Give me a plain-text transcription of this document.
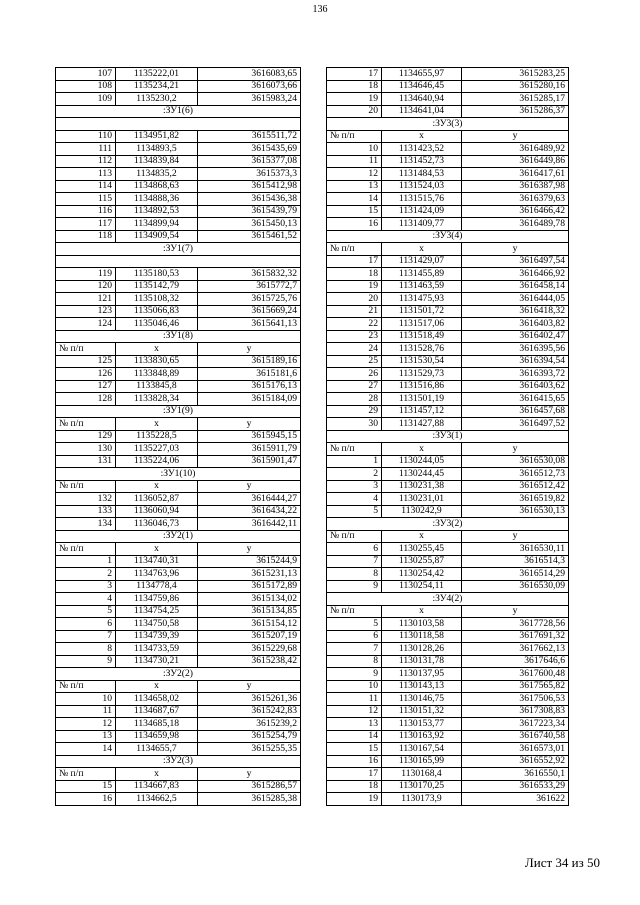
136
107	1135222,01	3616083,65
108	1135234,21	3616073,66
109	1135230,2	3615983,24
:ЗУ1(6)		

110	1134951,82	3615511,72
111	1134893,5	3615435,69
112	1134839,84	3615377,08
113	1134835,2	3615373,3
114	1134868,63	3615412,98
115	1134888,36	3615436,38
116	1134892,53	3615439,79
117	1134899,94	3615450,13
118	1134909,54	3615461,52
:ЗУ1(7)		

119	1135180,53	3615832,32
120	1135142,79	3615772,7
121	1135108,32	3615725,76
123	1135066,83	3615669,24
124	1135046,46	3615641,13
:ЗУ1(8)		
№ п/п	x	y
125	1133830,65	3615189,16
126	1133848,89	3615181,6
127	1133845,8	3615176,13
128	1133828,34	3615184,09
:ЗУ1(9)		
№ п/п	x	y
129	1135228,5	3615945,15
130	1135227,03	3615911,79
131	1135224,06	3615901,47
:ЗУ1(10)		
№ п/п	x	y
132	1136052,87	3616444,27
133	1136060,94	3616434,22
134	1136046,73	3616442,11
:ЗУ2(1)		
№ п/п	x	y
1	1134740,31	3615244,9
2	1134763,96	3615231,13
3	1134778,4	3615172,89
4	1134759,86	3615134,02
5	1134754,25	3615134,85
6	1134750,58	3615154,12
7	1134739,39	3615207,19
8	1134733,59	3615229,68
9	1134730,21	3615238,42
:ЗУ2(2)		
№ п/п	x	y
10	1134658,02	3615261,36
11	1134687,67	3615242,83
12	1134685,18	3615239,2
13	1134659,98	3615254,79
14	1134655,7	3615255,35
:ЗУ2(3)		
№ п/п	x	y
15	1134667,83	3615286,57
16	1134662,5	3615285,38
17	1134655,97	3615283,25
18	1134646,45	3615280,16
19	1134640,94	3615285,17
20	1134641,04	3615286,37
:ЗУ3(3)		
№ п/п	x	y
10	1131423,52	3616489,92
11	1131452,73	3616449,86
12	1131484,53	3616417,61
13	1131524,03	3616387,98
14	1131515,76	3616379,63
15	1131424,09	3616466,42
16	1131409,77	3616489,78
:ЗУ3(4)		
№ п/п	x	y
17	1131429,07	3616497,54
18	1131455,89	3616466,92
19	1131463,59	3616458,14
20	1131475,93	3616444,05
21	1131501,72	3616418,32
22	1131517,06	3616403,82
23	1131518,49	3616402,47
24	1131528,76	3616395,56
25	1131530,54	3616394,54
26	1131529,73	3616393,72
27	1131516,86	3616403,62
28	1131501,19	3616415,65
29	1131457,12	3616457,68
30	1131427,88	3616497,52
:ЗУ3(1)		
№ п/п	x	y
1	1130244,05	3616530,08
2	1130244,45	3616512,73
3	1130231,38	3616512,42
4	1130231,01	3616519,82
5	1130242,9	3616530,13
:ЗУ3(2)		
№ п/п	x	y
6	1130255,45	3616530,11
7	1130255,87	3616514,3
8	1130254,42	3616514,29
9	1130254,11	3616530,09
:ЗУ4(2)		
№ п/п	x	y
5	1130103,58	3617728,56
6	1130118,58	3617691,32
7	1130128,26	3617662,13
8	1130131,78	3617646,6
9	1130137,95	3617600,48
10	1130143,13	3617565,82
11	1130146,75	3617506,53
12	1130151,32	3617308,83
13	1130153,77	3617223,34
14	1130163,92	3616740,58
15	1130167,54	3616573,01
16	1130165,99	3616552,92
17	1130168,4	3616550,1
18	1130170,25	3616533,29
19	1130173,9	361622
Лист 34 из 50
